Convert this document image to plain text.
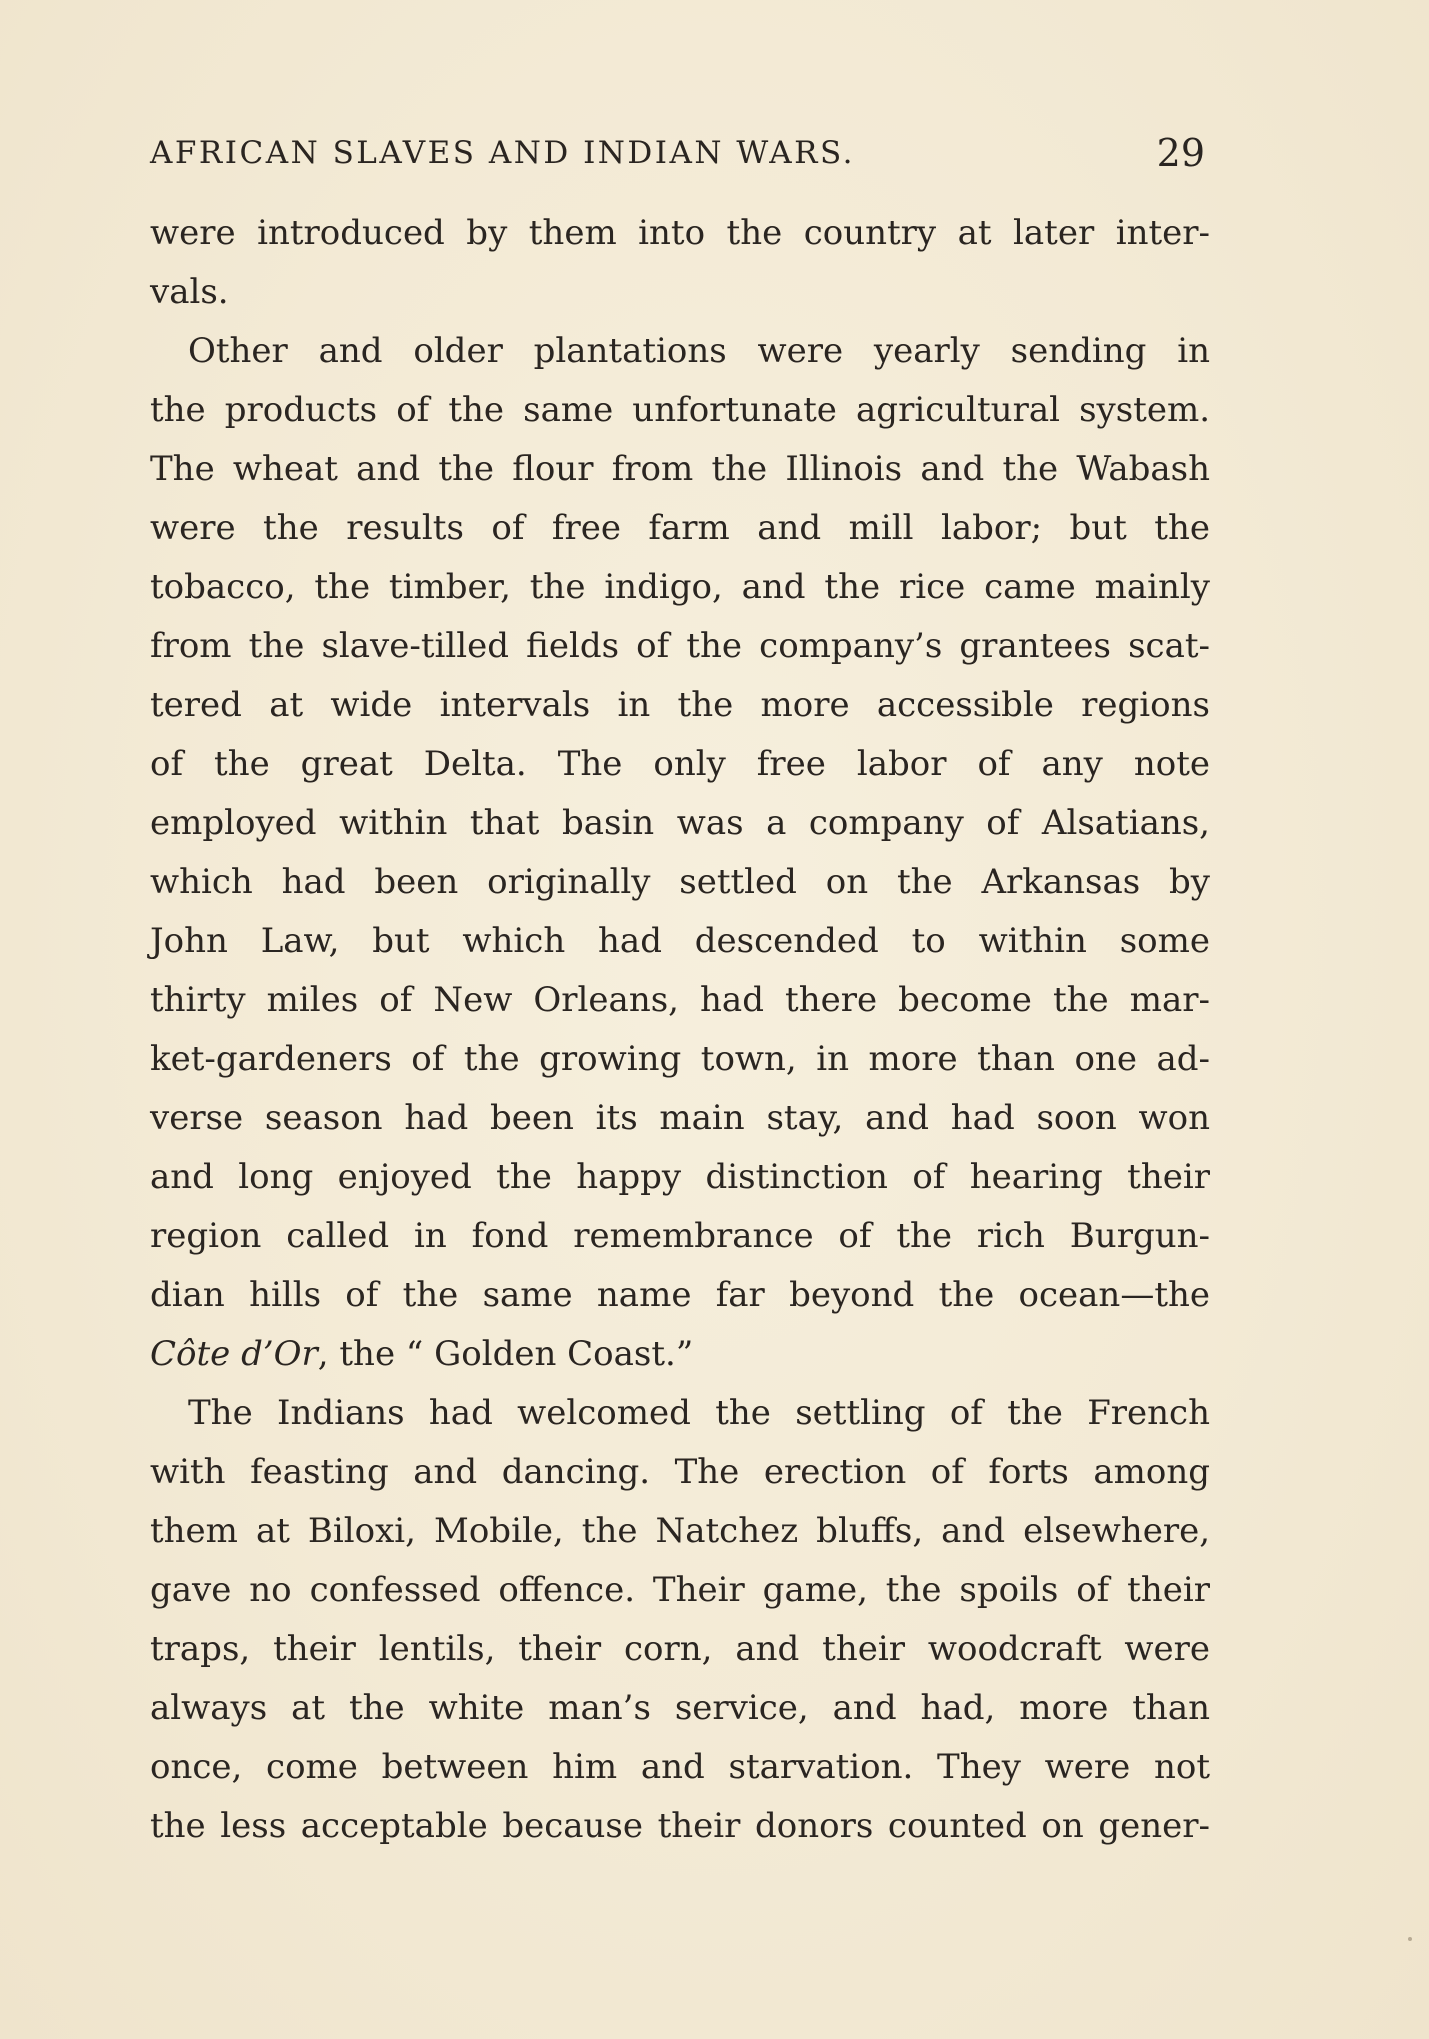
AFRICAN SLAVES AND INDIAN WARS.	29
were introduced by them into the country at later inter-
vals.
Other and older plantations were yearly sending in
the products of the same unfortunate agricultural system.
The wheat and the flour from the Illinois and the Wabash
were the results of free farm and mill labor; but the
tobacco, the timber, the indigo, and the rice came mainly
from the slave-tilled fields of the company’s grantees scat-
tered at wide intervals in the more accessible regions
of the great Delta. The only free labor of any note
employed within that basin was a company of Alsatians,
which had been originally settled on the Arkansas by
John Law, but which had descended to within some
thirty miles of New Orleans, had there become the mar-
ket-gardeners of the growing town, in more than one ad-
verse season had been its main stay, and had soon won
and long enjoyed the happy distinction of hearing their
region called in fond remembrance of the rich Burgun-
dian hills of the same name far beyond the ocean—the
Côte d’Or, the “ Golden Coast.”
The Indians had welcomed the settling of the French
with feasting and dancing. The erection of forts among
them at Biloxi, Mobile, the Natchez bluffs, and elsewhere,
gave no confessed offence. Their game, the spoils of their
traps, their lentils, their corn, and their woodcraft were
always at the white man’s service, and had, more than
once, come between him and starvation. They were not
the less acceptable because their donors counted on gener-
